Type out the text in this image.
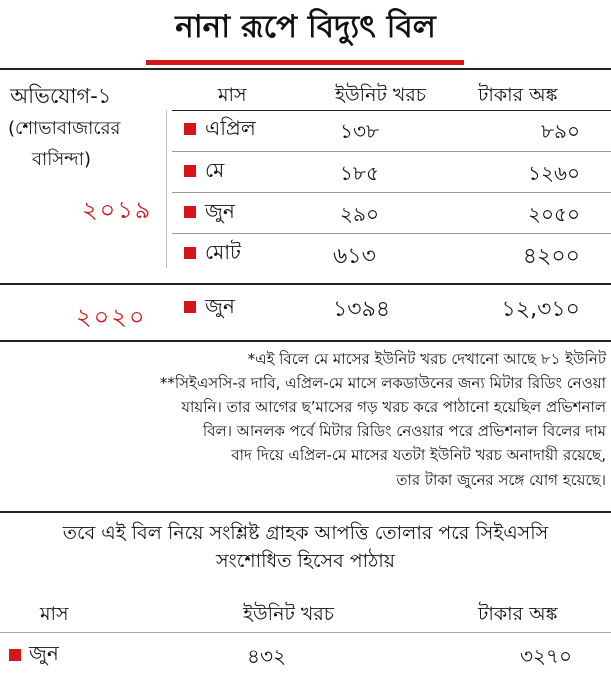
নানা রূপে বিদ্যুৎ বিল
অভিযোগ-১
(শোভাবাজারের
বাসিন্দা)
২০১৯
মাস	ইউনিট খরচ	টাকার অঙ্ক
এপ্রিল	১৩৮	৮৯০
মে	১৮৫	১২৬০
জুন	২৯০	২০৫০
মোট	৬১৩	৪২০০
২০২০	জুন	১৩৯৪	১২,৩১০
*এই বিলে মে মাসের ইউনিট খরচ দেখানো আছে ৮১ ইউনিট
**সিইএসসি-র দাবি, এপ্রিল-মে মাসে লকডাউনের জন্য মিটার রিডিং নেওয়া
যায়নি। তার আগের ছ’মাসের গড় খরচ করে পাঠানো হয়েছিল প্রভিশনাল
বিল। আনলক পর্বে মিটার রিডিং নেওয়ার পরে প্রভিশনাল বিলের দাম
বাদ দিয়ে এপ্রিল-মে মাসের যতটা ইউনিট খরচ অনাদায়ী রয়েছে,
তার টাকা জুনের সঙ্গে যোগ হয়েছে।
তবে এই বিল নিয়ে সংশ্লিষ্ট গ্রাহক আপত্তি তোলার পরে সিইএসসি
সংশোধিত হিসেব পাঠায়
মাস	ইউনিট খরচ	টাকার অঙ্ক
জুন	৪৩২	৩২৭০
